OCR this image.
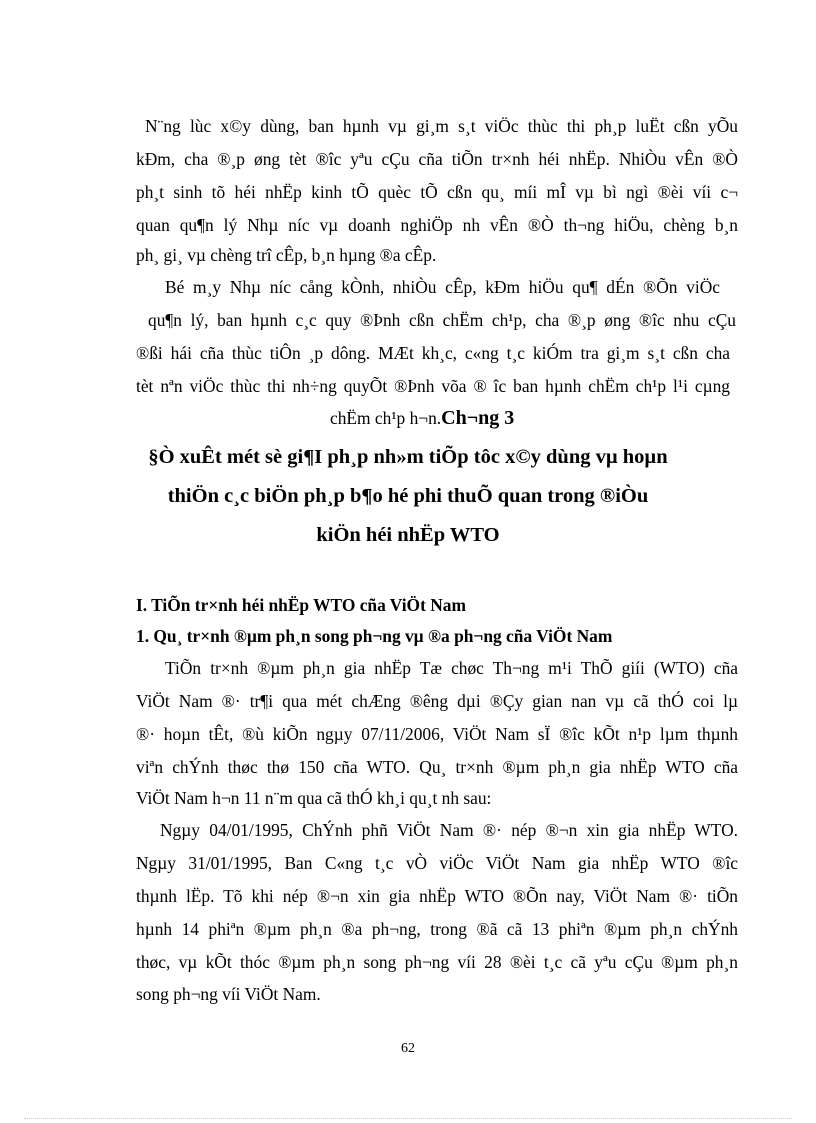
N¨ng lùc x©y dùng, ban hµnh vµ gi¸m s¸t viÖc thùc thi ph¸p luËt cßn yÕu
kÐm, cha ®¸p øng tèt ®îc yªu cÇu cña tiÕn tr×nh héi nhËp. NhiÒu vÊn ®Ò
ph¸t sinh tõ héi nhËp kinh tÕ quèc tÕ cßn qu¸ míi mÎ vµ bì ngì ®èi víi c¬
quan qu¶n lý Nhµ níc vµ doanh nghiÖp nh vÊn ®Ò th¬ng hiÖu, chèng b¸n
ph¸ gi¸ vµ chèng trî cÊp, b¸n hµng ®a cÊp.
Bé m¸y Nhµ níc cång kÒnh, nhiÒu cÊp, kÐm hiÖu qu¶ dÉn ®Õn viÖc
qu¶n lý, ban hµnh c¸c quy ®Þnh cßn chËm ch¹p, cha ®¸p øng ®îc nhu cÇu
®ßi hái cña thùc tiÔn ¸p dông. MÆt kh¸c, c«ng t¸c kiÓm tra gi¸m s¸t cßn cha
tèt nªn viÖc thùc thi nh÷ng quyÕt ®Þnh võa ® îc ban hµnh chËm ch¹p l¹i cµng
chËm ch¹p h¬n.Ch¬ng 3
§Ò xuÊt mét sè gi¶I ph¸p nh»m tiÕp tôc x©y dùng vµ hoµn
thiÖn c¸c biÖn ph¸p b¶o hé phi thuÕ quan trong ®iÒu
kiÖn héi nhËp WTO
I. TiÕn tr×nh héi nhËp WTO cña ViÖt Nam
1. Qu¸ tr×nh ®µm ph¸n song ph¬ng vµ ®a ph¬ng cña ViÖt Nam
TiÕn tr×nh ®µm ph¸n gia nhËp Tæ chøc Th¬ng m¹i ThÕ giíi (WTO) cña
ViÖt Nam ®· tr¶i qua mét chÆng ®êng dµi ®Çy gian nan vµ cã thÓ coi lµ
®· hoµn tÊt, ®ù kiÕn ngµy 07/11/2006, ViÖt Nam sÏ ®îc kÕt n¹p lµm thµnh
viªn chÝnh thøc thø 150 cña WTO. Qu¸ tr×nh ®µm ph¸n gia nhËp WTO cña
ViÖt Nam h¬n 11 n¨m qua cã thÓ kh¸i qu¸t nh sau:
Ngµy 04/01/1995, ChÝnh phñ ViÖt Nam ®· nép ®¬n xin gia nhËp WTO.
Ngµy 31/01/1995, Ban C«ng t¸c vÒ viÖc ViÖt Nam gia nhËp WTO ®îc
thµnh lËp. Tõ khi nép ®¬n xin gia nhËp WTO ®Õn nay, ViÖt Nam ®· tiÕn
hµnh 14 phiªn ®µm ph¸n ®a ph¬ng, trong ®ã cã 13 phiªn ®µm ph¸n chÝnh
thøc, vµ kÕt thóc ®µm ph¸n song ph¬ng víi 28 ®èi t¸c cã yªu cÇu ®µm ph¸n
song ph¬ng víi ViÖt Nam.
62
